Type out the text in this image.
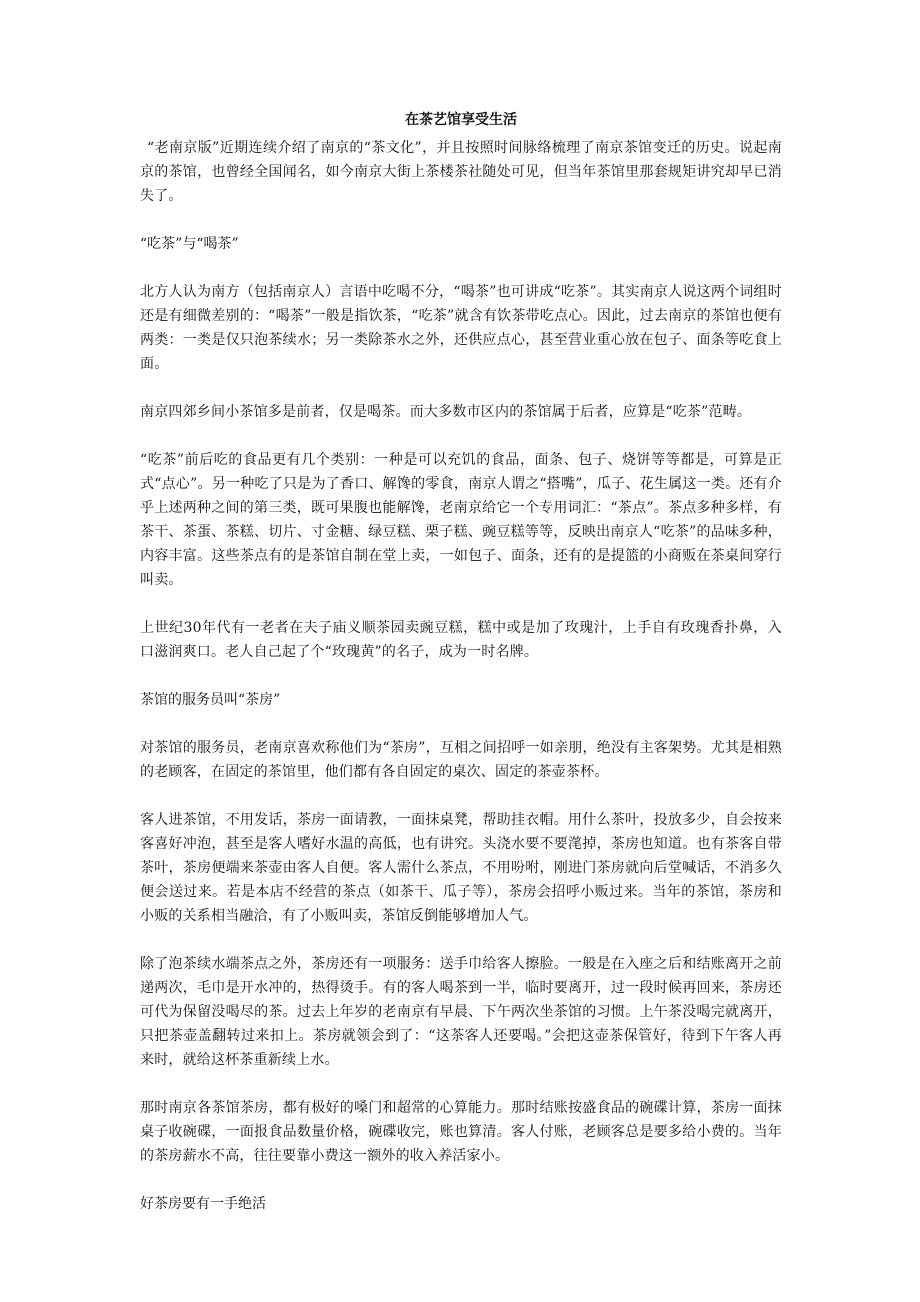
在茶艺馆享受生活

“老南京版”近期连续介绍了南京的“茶文化”，并且按照时间脉络梳理了南京茶馆变迁的历史。说起南京的茶馆，也曾经全国闻名，如今南京大街上茶楼茶社随处可见，但当年茶馆里那套规矩讲究却早已消失了。

“吃茶”与“喝茶”

北方人认为南方（包括南京人）言语中吃喝不分，“喝茶”也可讲成“吃茶”。其实南京人说这两个词组时还是有细微差别的：“喝茶”一般是指饮茶，“吃茶”就含有饮茶带吃点心。因此，过去南京的茶馆也便有两类：一类是仅只泡茶续水；另一类除茶水之外，还供应点心，甚至营业重心放在包子、面条等吃食上面。

南京四郊乡间小茶馆多是前者，仅是喝茶。而大多数市区内的茶馆属于后者，应算是“吃茶”范畴。

“吃茶”前后吃的食品更有几个类别：一种是可以充饥的食品，面条、包子、烧饼等等都是，可算是正式“点心”。另一种吃了只是为了香口、解馋的零食，南京人谓之“搭嘴”，瓜子、花生属这一类。还有介乎上述两种之间的第三类，既可果腹也能解馋，老南京给它一个专用词汇：“茶点”。茶点多种多样，有茶干、茶蛋、茶糕、切片、寸金糖、绿豆糕、栗子糕、豌豆糕等等，反映出南京人“吃茶”的品味多种，内容丰富。这些茶点有的是茶馆自制在堂上卖，一如包子、面条，还有的是提篮的小商贩在茶桌间穿行叫卖。

上世纪30年代有一老者在夫子庙义顺茶园卖豌豆糕，糕中或是加了玫瑰汁，上手自有玫瑰香扑鼻，入口滋润爽口。老人自己起了个“玫瑰黄”的名子，成为一时名牌。

茶馆的服务员叫“茶房”

对茶馆的服务员，老南京喜欢称他们为“茶房”，互相之间招呼一如亲朋，绝没有主客架势。尤其是相熟的老顾客，在固定的茶馆里，他们都有各自固定的桌次、固定的茶壶茶杯。

客人进茶馆，不用发话，茶房一面请教，一面抹桌凳，帮助挂衣帽。用什么茶叶，投放多少，自会按来客喜好冲泡，甚至是客人嗜好水温的高低，也有讲究。头浇水要不要滗掉，茶房也知道。也有茶客自带茶叶，茶房便端来茶壶由客人自便。客人需什么茶点，不用吩咐，刚进门茶房就向后堂喊话，不消多久便会送过来。若是本店不经营的茶点（如茶干、瓜子等），茶房会招呼小贩过来。当年的茶馆，茶房和小贩的关系相当融洽，有了小贩叫卖，茶馆反倒能够增加人气。

除了泡茶续水端茶点之外，茶房还有一项服务：送手巾给客人擦脸。一般是在入座之后和结账离开之前递两次，毛巾是开水冲的，热得烫手。有的客人喝茶到一半，临时要离开，过一段时候再回来，茶房还可代为保留没喝尽的茶。过去上年岁的老南京有早晨、下午两次坐茶馆的习惯。上午茶没喝完就离开，只把茶壶盖翻转过来扣上。茶房就领会到了：“这茶客人还要喝。”会把这壶茶保管好，待到下午客人再来时，就给这杯茶重新续上水。

那时南京各茶馆茶房，都有极好的嗓门和超常的心算能力。那时结账按盛食品的碗碟计算，茶房一面抹桌子收碗碟，一面报食品数量价格，碗碟收完，账也算清。客人付账，老顾客总是要多给小费的。当年的茶房薪水不高，往往要靠小费这一额外的收入养活家小。

好茶房要有一手绝活
